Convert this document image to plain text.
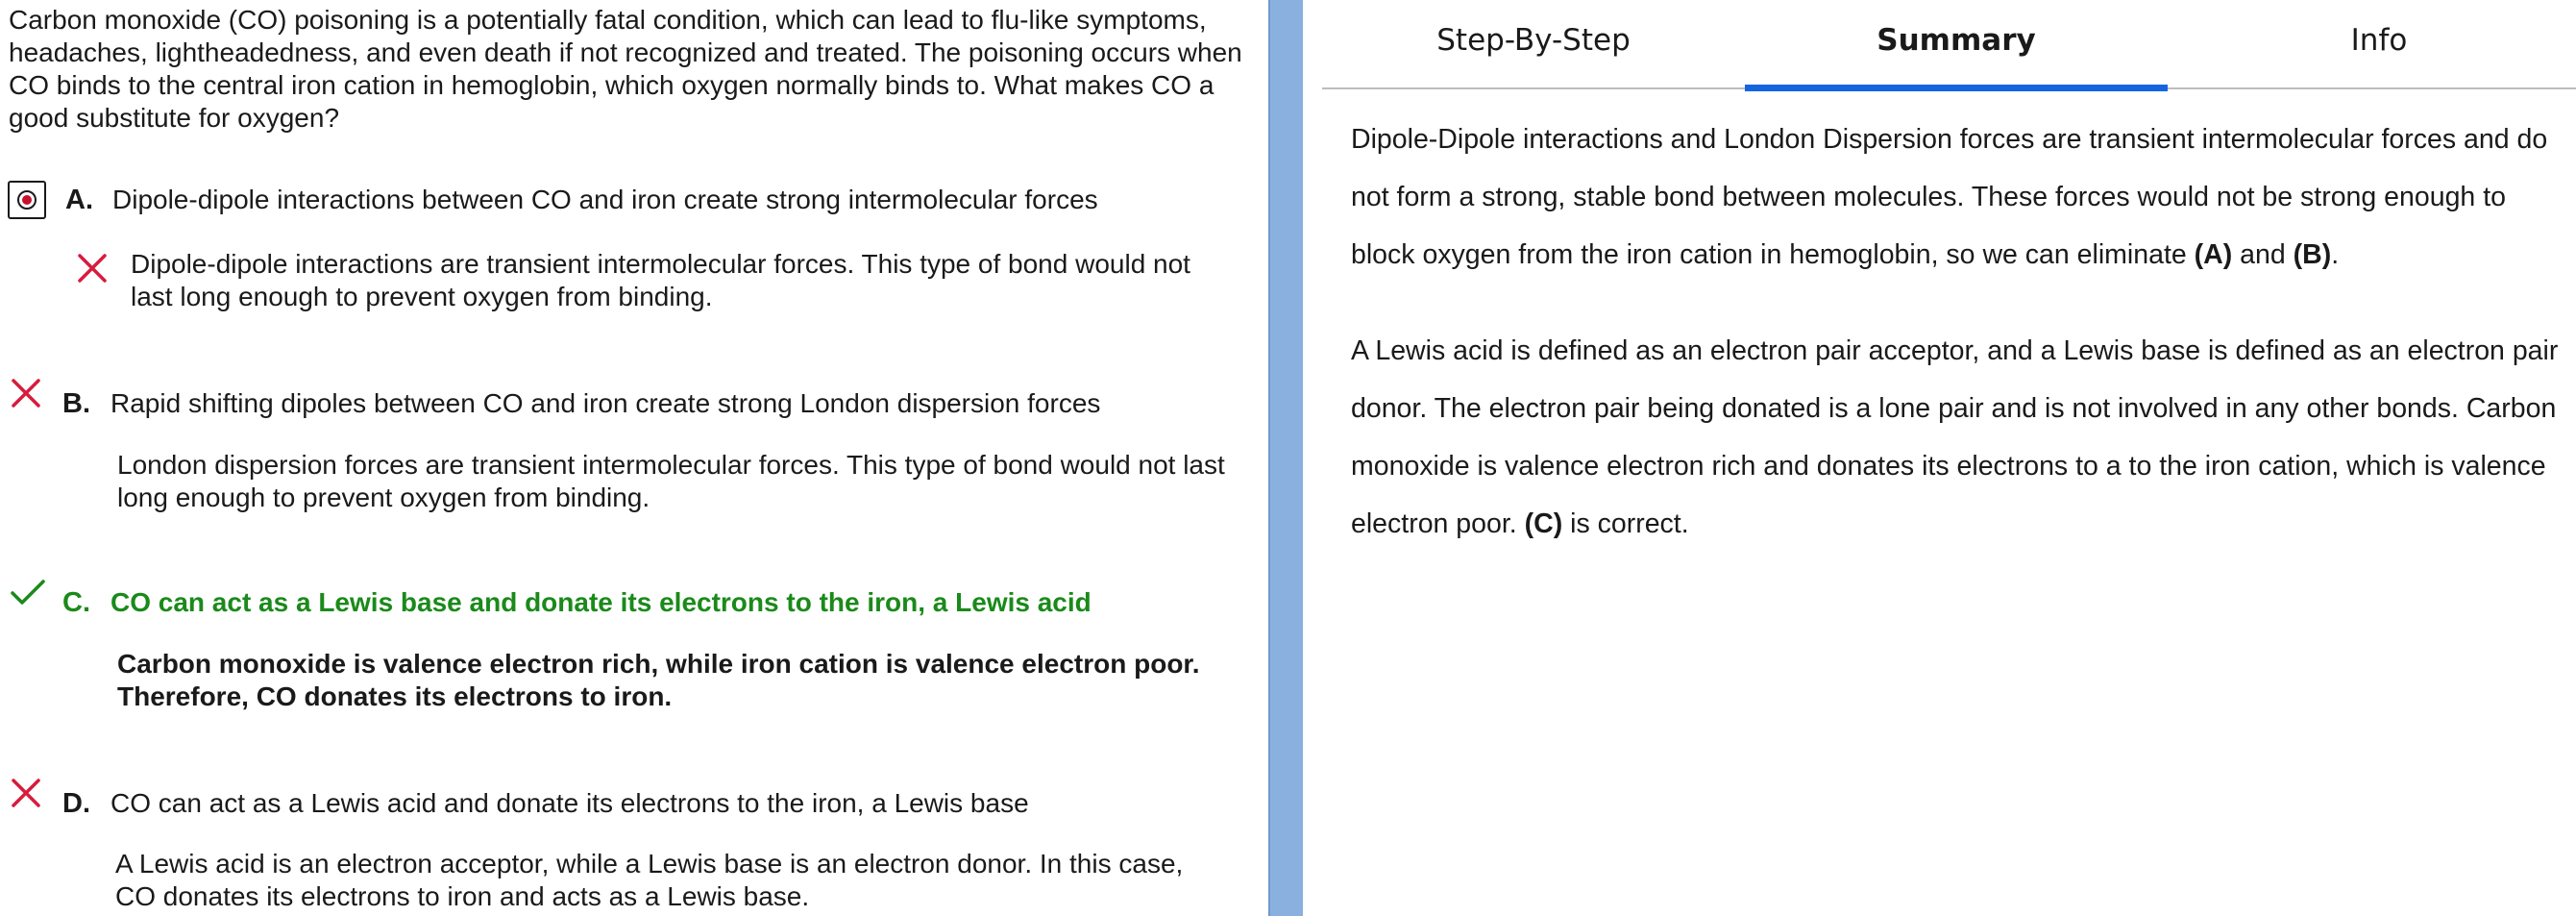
Carbon monoxide (CO) poisoning is a potentially fatal condition, which can lead to flu-like symptoms, headaches, lightheadedness, and even death if not recognized and treated. The poisoning occurs when CO binds to the central iron cation in hemoglobin, which oxygen normally binds to. What makes CO a good substitute for oxygen?
A. Dipole-dipole interactions between CO and iron create strong intermolecular forces
Dipole-dipole interactions are transient intermolecular forces. This type of bond would not last long enough to prevent oxygen from binding.
B. Rapid shifting dipoles between CO and iron create strong London dispersion forces
London dispersion forces are transient intermolecular forces. This type of bond would not last long enough to prevent oxygen from binding.
C. CO can act as a Lewis base and donate its electrons to the iron, a Lewis acid
Carbon monoxide is valence electron rich, while iron cation is valence electron poor. Therefore, CO donates its electrons to iron.
D. CO can act as a Lewis acid and donate its electrons to the iron, a Lewis base
A Lewis acid is an electron acceptor, while a Lewis base is an electron donor. In this case, CO donates its electrons to iron and acts as a Lewis base.
Step-By-Step	Summary	Info

Dipole-Dipole interactions and London Dispersion forces are transient intermolecular forces and do not form a strong, stable bond between molecules. These forces would not be strong enough to block oxygen from the iron cation in hemoglobin, so we can eliminate (A) and (B).

A Lewis acid is defined as an electron pair acceptor, and a Lewis base is defined as an electron pair donor. The electron pair being donated is a lone pair and is not involved in any other bonds. Carbon monoxide is valence electron rich and donates its electrons to a to the iron cation, which is valence electron poor. (C) is correct.
